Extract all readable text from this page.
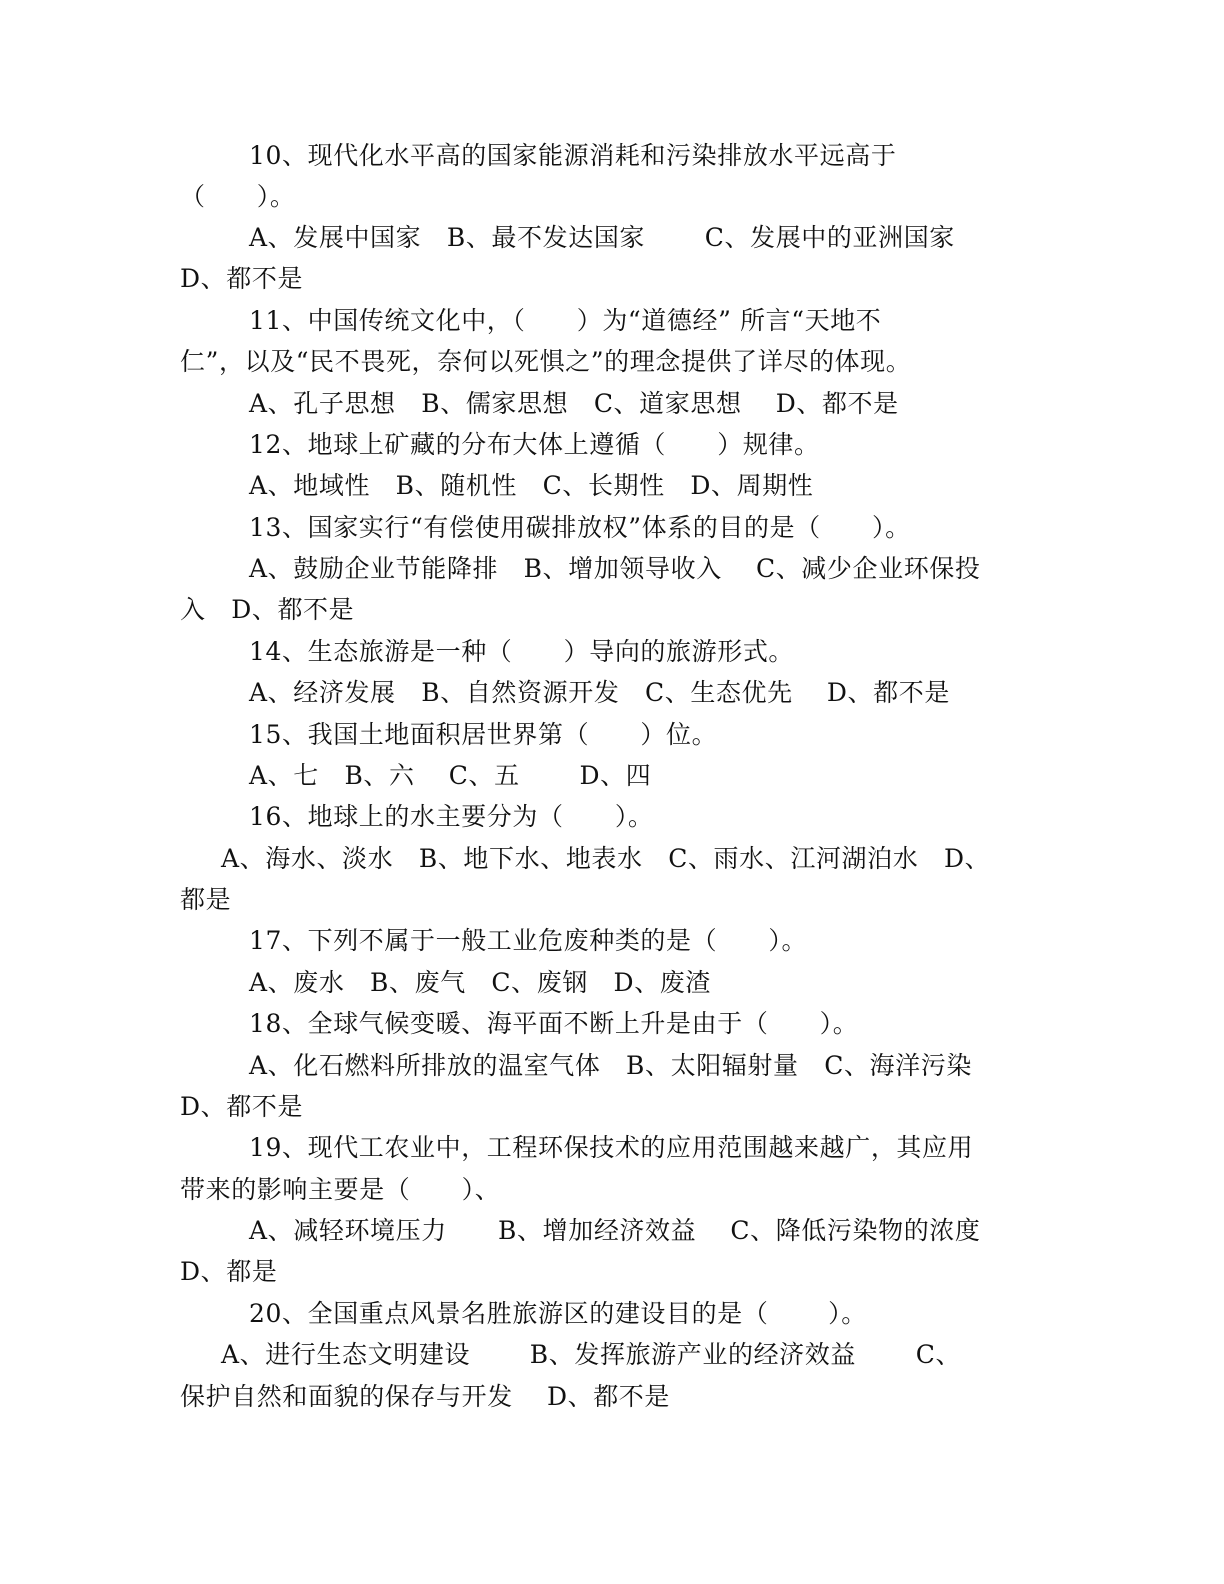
10、现代化水平高的国家能源消耗和污染排放水平远高于
（　　）。
A、发展中国家　B、最不发达国家　　 C、发展中的亚洲国家
D、都不是
11、中国传统文化中，（　　）为“道德经” 所言“天地不
仁”，以及“民不畏死，奈何以死惧之”的理念提供了详尽的体现。
A、孔子思想　B、儒家思想　C、道家思想　 D、都不是
12、地球上矿藏的分布大体上遵循（　　）规律。
A、地域性　B、随机性　C、长期性　D、周期性
13、国家实行“有偿使用碳排放权”体系的目的是（　　）。
A、鼓励企业节能降排　B、增加领导收入　 C、减少企业环保投
入　D、都不是
14、生态旅游是一种（　　）导向的旅游形式。
A、经济发展　B、自然资源开发　C、生态优先　 D、都不是
15、我国土地面积居世界第（　　）位。
A、七　B、六　 C、五　　 D、四
16、地球上的水主要分为（　　）。
A、海水、淡水　B、地下水、地表水　C、雨水、江河湖泊水　D、
都是
17、下列不属于一般工业危废种类的是（　　）。
A、废水　B、废气　C、废钢　D、废渣
18、全球气候变暖、海平面不断上升是由于（　　）。
A、化石燃料所排放的温室气体　B、太阳辐射量　C、海洋污染
D、都不是
19、现代工农业中，工程环保技术的应用范围越来越广，其应用
带来的影响主要是（　　）、
A、减轻环境压力　　B、增加经济效益　 C、降低污染物的浓度
D、都是
20、全国重点风景名胜旅游区的建设目的是（　　 ）。
A、进行生态文明建设　　 B、发挥旅游产业的经济效益　　 C、
保护自然和面貌的保存与开发　 D、都不是
